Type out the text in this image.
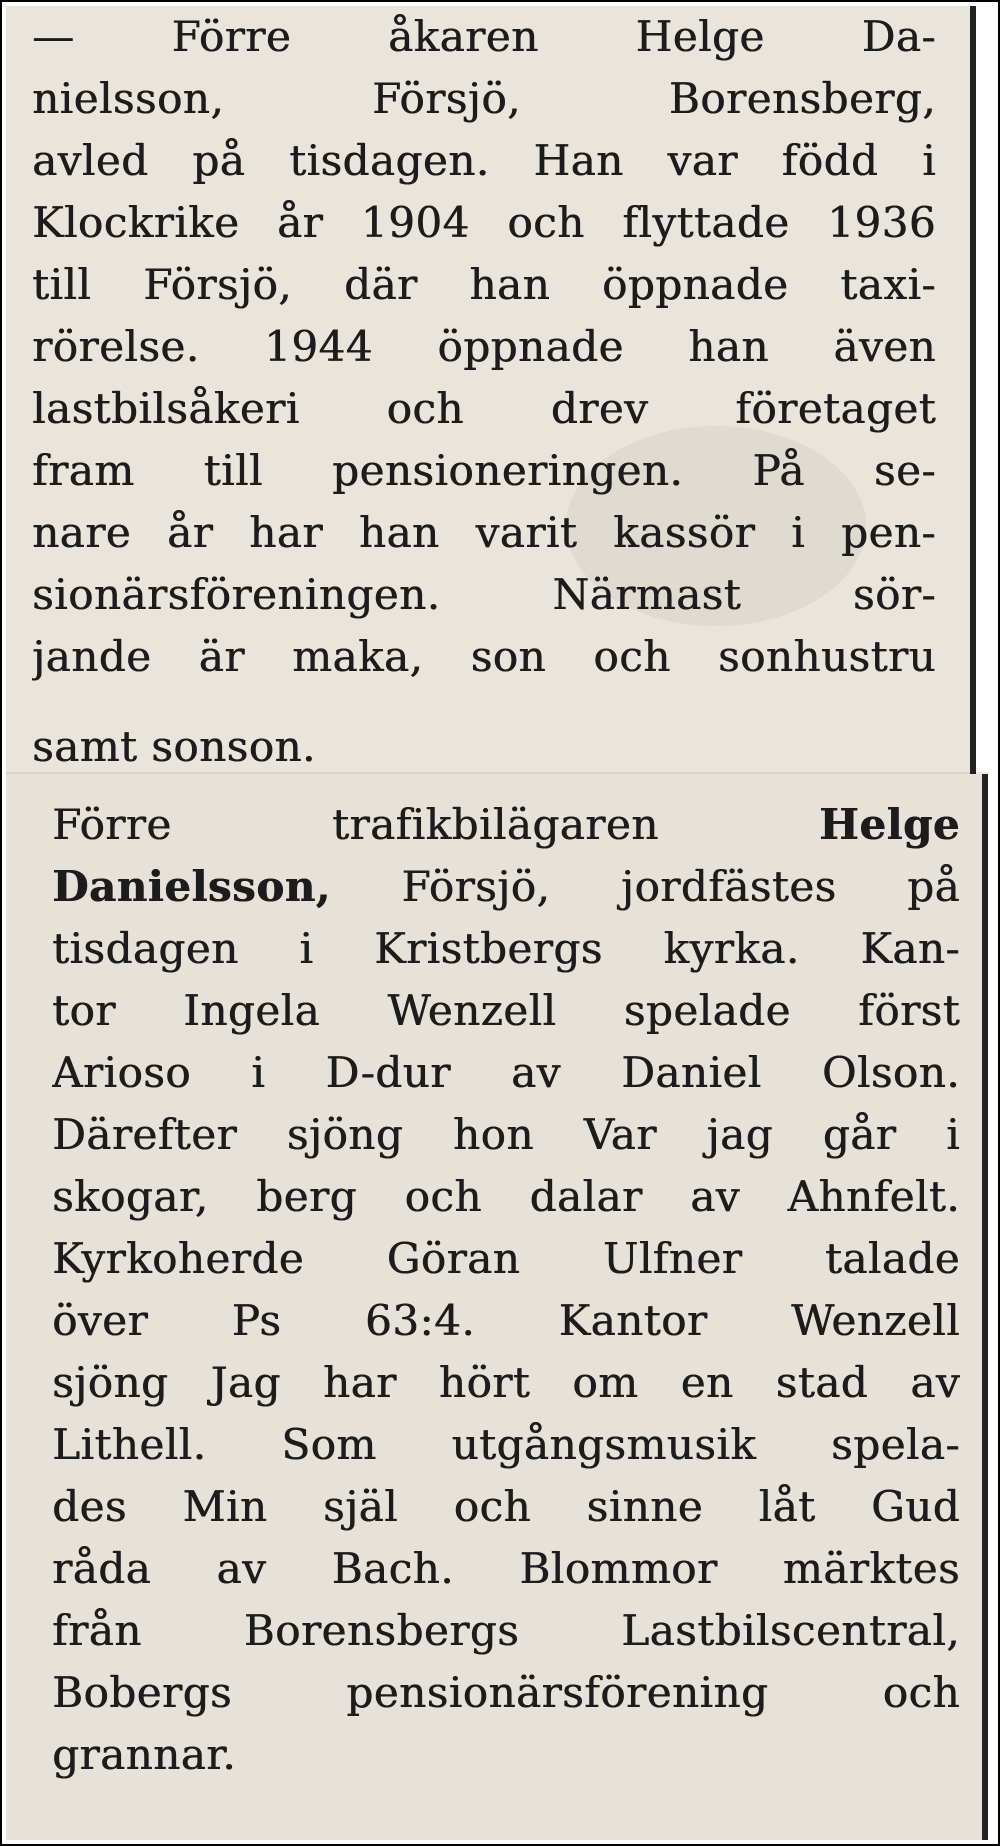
— Förre åkaren Helge Da-
nielsson, Försjö, Borensberg,
avled på tisdagen. Han var född i
Klockrike år 1904 och flyttade 1936
till Försjö, där han öppnade taxi-
rörelse. 1944 öppnade han även
lastbilsåkeri och drev företaget
fram till pensioneringen. På se-
nare år har han varit kassör i pen-
sionärsföreningen. Närmast sör-
jande är maka, son och sonhustru
samt sonson.
Förre trafikbilägaren	Helge
Danielsson, Försjö, jordfästes på
tisdagen i Kristbergs kyrka. Kan-
tor Ingela Wenzell spelade först
Arioso i D-dur av Daniel Olson.
Därefter sjöng hon Var jag går i
skogar, berg och dalar av Ahnfelt.
Kyrkoherde Göran Ulfner talade
över Ps 63:4. Kantor Wenzell
sjöng Jag har hört om en stad av
Lithell. Som utgångsmusik spela-
des Min själ och sinne låt Gud
råda av Bach. Blommor märktes
från Borensbergs Lastbilscentral,
Bobergs pensionärsförening och
grannar.
